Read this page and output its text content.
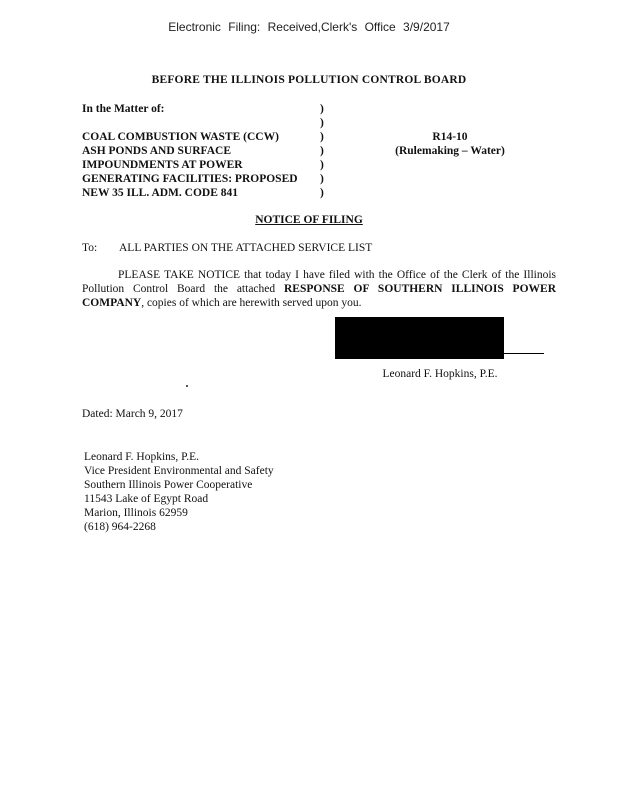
Electronic Filing: Received,Clerk's Office 3/9/2017
BEFORE THE ILLINOIS POLLUTION CONTROL BOARD
In the Matter of:

COAL COMBUSTION WASTE (CCW)
ASH PONDS AND SURFACE
IMPOUNDMENTS AT POWER
GENERATING FACILITIES: PROPOSED
NEW 35 ILL. ADM. CODE 841
)
)
)
)
)
)
)
R14-10
(Rulemaking – Water)
NOTICE OF FILING
To: ALL PARTIES ON THE ATTACHED SERVICE LIST
PLEASE TAKE NOTICE that today I have filed with the Office of the Clerk of the Illinois Pollution Control Board the attached RESPONSE OF SOUTHERN ILLINOIS POWER COMPANY, copies of which are herewith served upon you.
Leonard F. Hopkins, P.E.
Dated: March 9, 2017
Leonard F. Hopkins, P.E.
Vice President Environmental and Safety
Southern Illinois Power Cooperative
11543 Lake of Egypt Road
Marion, Illinois 62959
(618) 964-2268
